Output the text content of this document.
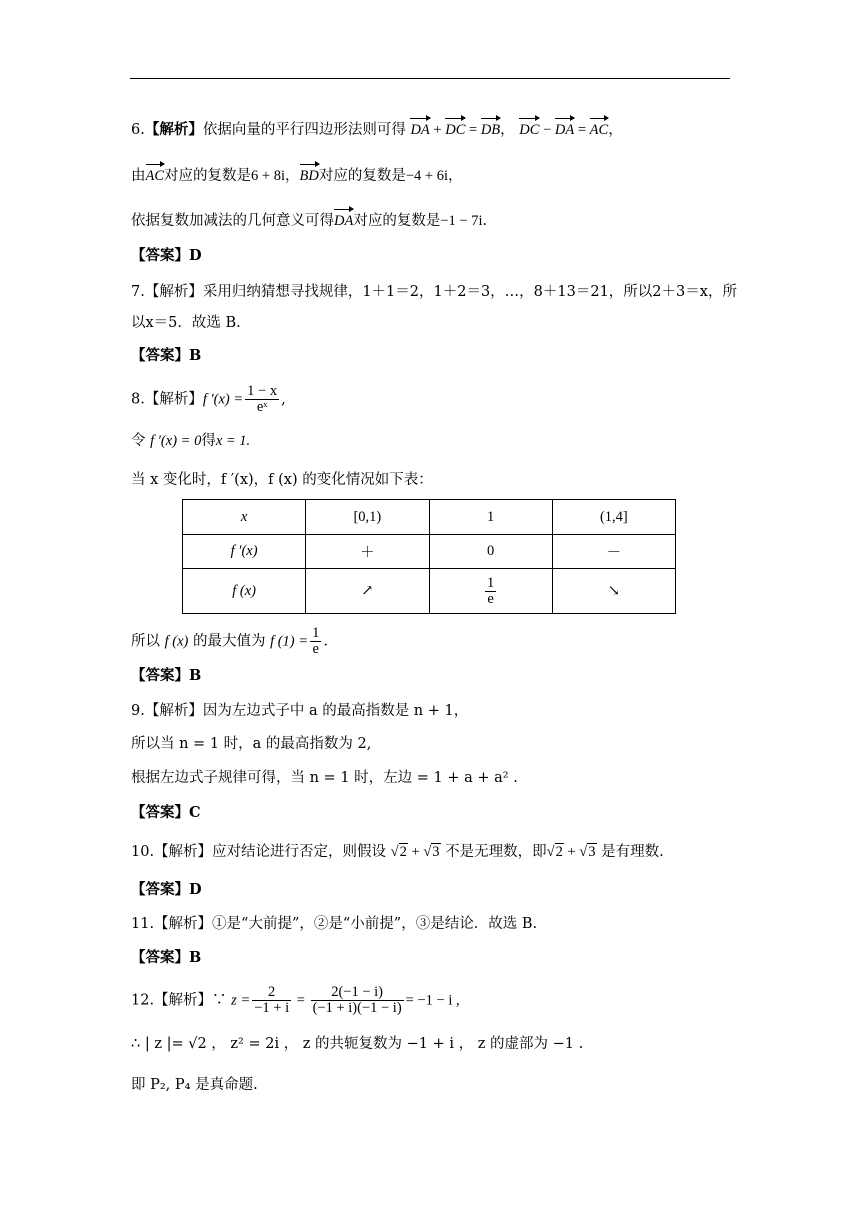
6.【解析】依据向量的平行四边形法则可得 DA + DC = DB， DC − DA = AC，
由AC对应的复数是6 + 8i，BD对应的复数是−4 + 6i，
依据复数加减法的几何意义可得DA对应的复数是−1 − 7i.
【答案】D
7.【解析】采用归纳猜想寻找规律，1＋1＝2，1＋2＝3，…，8＋13＝21，所以2＋3＝x，所
以x＝5．故选 B.
【答案】B
8.【解析】f $'(x) = \frac{1 - x}{\text{eˣ}}$ ,
令 f ′(x) = 0得x = 1.
当 x 变化时，f ′(x)，f (x) 的变化情况如下表：
x	[0,1)	1	(1,4]
f ′(x)	＋	0	－
f (x)	↗	$\frac{1}{e}$	↘
所以 f (x) 的最大值为 f $(1) = \frac{1}{e}$ .
【答案】B
9.【解析】因为左边式子中 a 的最高指数是 n + 1，
所以当 n = 1 时，a 的最高指数为 2,
根据左边式子规律可得，当 n = 1 时，左边 = 1 + a + a² .
【答案】C
10.【解析】应对结论进行否定，则假设 √2 + √3 不是无理数，即√2 + √3 是有理数.
【答案】D
11.【解析】①是“大前提”，②是“小前提”，③是结论．故选 B.
【答案】B
12.【解析】∵ $z = \frac{2}{-1 + i} = \frac{2(-1 - i)}{(-1 + i)(-1 - i)} = -1 - i$ ,
∴ | z |= √2 ， z² = 2i ， z 的共轭复数为 −1 + i ， z 的虚部为 −1 .
即 P₂, P₄ 是真命题.
